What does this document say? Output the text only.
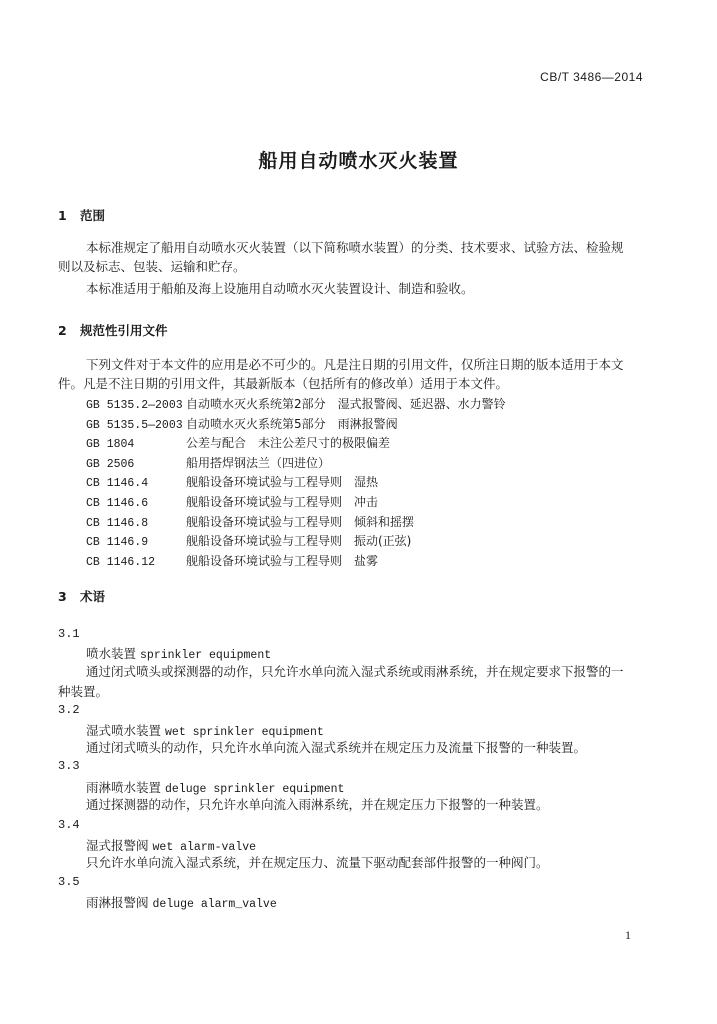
CB/T 3486—2014
船用自动喷水灭火装置
1 范围
本标准规定了船用自动喷水灭火装置（以下简称喷水装置）的分类、技术要求、试验方法、检验规
则以及标志、包装、运输和贮存。
本标准适用于船舶及海上设施用自动喷水灭火装置设计、制造和验收。
2 规范性引用文件
下列文件对于本文件的应用是必不可少的。凡是注日期的引用文件，仅所注日期的版本适用于本文
件。凡是不注日期的引用文件，其最新版本（包括所有的修改单）适用于本文件。
GB 5135.2—2003 自动喷水灭火系统第2部分　湿式报警阀、延迟器、水力警铃
GB 5135.5—2003 自动喷水灭火系统第5部分　雨淋报警阀
GB 1804	公差与配合　未注公差尺寸的极限偏差
GB 2506	船用搭焊钢法兰（四进位）
CB 1146.4	舰船设备环境试验与工程导则　湿热
CB 1146.6	舰船设备环境试验与工程导则　冲击
CB 1146.8	舰船设备环境试验与工程导则　倾斜和摇摆
CB 1146.9	舰船设备环境试验与工程导则　振动(正弦)
CB 1146.12	舰船设备环境试验与工程导则　盐雾
3 术语
3.1
喷水装置 sprinkler equipment
通过闭式喷头或探测器的动作，只允许水单向流入湿式系统或雨淋系统，并在规定要求下报警的一
种装置。
3.2
湿式喷水装置 wet sprinkler equipment
通过闭式喷头的动作，只允许水单向流入湿式系统并在规定压力及流量下报警的一种装置。
3.3
雨淋喷水装置 deluge sprinkler equipment
通过探测器的动作，只允许水单向流入雨淋系统，并在规定压力下报警的一种装置。
3.4
湿式报警阀 wet alarm-valve
只允许水单向流入湿式系统，并在规定压力、流量下驱动配套部件报警的一种阀门。
3.5
雨淋报警阀 deluge alarm_valve
1
